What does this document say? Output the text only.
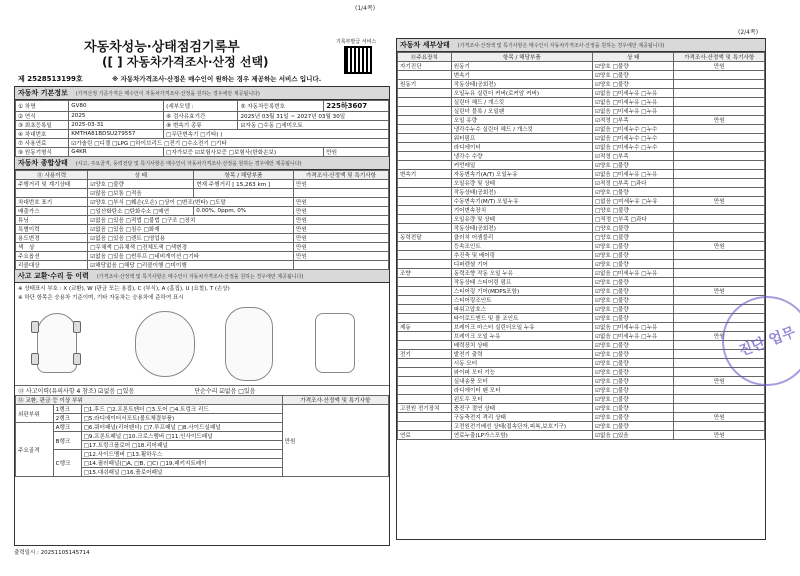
(1/4쪽)
(2/4쪽)
자동차성능·상태점검기록부
([ ] 자동차가격조사·산정 선택)
기록부발급 서비스
제 2528513199호	※ 자동차가격조사·산정은 매수인이 원하는 경우 제공하는 서비스 입니다.
자동차 기본정보 (가격산정 기준가격은 매수인이 자동차가격조사·산정을 원하는 경우에만 제공됩니다)
① 차명	GV80	(세부모델 :	⑤ 자동차등록번호	225하3607
② 연식	2025	⑥ 검사유효기간	2025년 03월 31일 ~ 2027년 03월 30일	
③ 최초등록일	2025-03-31	⑧ 변속기 종류	☑자동 □수동 □세미오토	
④ 차대번호	KMTHA81BDSU279557	□무단변속기 □기타( )		
⑦ 사용연료	☑가솔린 □디젤 □LPG □하이브리드 □전기 □수소전기 □기타			
⑨ 원동기형식	G4KR	□자가보증 ☑보험사보증 □보험사(한화손보)		만원
자동차 종합상태 (사고, 주요골격, 동력전달 및 특기사항은 매수인이 자동차가격조사·산정을 원하는 경우에만 제공됩니다)
⑪ 사용이력	상 태	항목 / 해당부품	가격조사·산정액 및 특기사항
주행거리 및 계기상태	☑양호 □불량	현재 주행거리 [ 15,263 km ]	만원
	☑많음 □보통 □적음		
차대번호 표기	☑양호 □부식 □훼손(오손) □상이 □변조(변타) □도말		만원
배출가스	□일산화탄소 □탄화수소 □매연	0.00%, 0ppm, 0%	만원
튜닝	☑없음 □있음 □적법 □불법 □구조 □장치		만원
특별이력	☑없음 □있음 □침수 □화재		만원
용도변경	☑없음 □있음 □렌트 □영업용		만원
색　상	□무채색 □유채색 □전체도색 □색변경		만원
주요옵션	☑없음 □있음 □썬루프 □네비게이션 □기타		만원
리콜대상	☑해당없음 □해당 □리콜이행 □미이행		
사고 교환·수리 등 이력 (가격조사·산정액 및 특기사항은 매수인이 자동차가격조사·산정을 원하는 경우에만 제공됩니다)
※ 상태표시 부호 : X (교환), W (판금 또는 용접), C (부식), A (흠집), U (요철), T (손상)
※ 하단 항목은 승용차 기준이며, 기타 자동차는 승용차에 준하여 표시
⑬ 사고이력(유의사항 4 참조) ☑없음 □있음	단순수리 ☑없음 □있음
⑭ 교환, 판금 등 이상 부위			가격조사·산정액 및 특기사항
외판부위	1랭크	□1.후드 □2.프론트펜더 □3.도어 □4.트렁크 리드	만원
	2랭크	□5.라디에이터서포트(볼트체결부품)	
주요골격	A랭크	□6.쿼터패널(리어펜더) □7.루프패널 □8.사이드실패널	
	B랭크	□9.프론트패널 □10.크로스멤버 □11.인사이드패널	
		□17.트렁크플로어 □18.리어패널	
	C랭크	□12.사이드멤버 □13.휠하우스	
		□14.필러패널(□A, □B, □C) □19.패키지트레이	
		□15.대쉬패널 □16.플로어패널	
출력일시 : 20251105145714
자동차 세부상태 (가격조사·산정액 및 특기사항은 매수인이 자동차가격조사·산정을 원하는 경우에만 제공됩니다)
⑮주요장치	항목 / 해당부품	상 태	가격조사·산정액 및 특기사항
자기진단	원동기	☑양호 □불량	만원
	변속기	☑양호 □불량	
원동기	작동상태(공회전)	☑양호 □불량	
	오일누유 실린더 커버(로커암 커버)	☑없음 □미세누유 □누유	
	실린더 헤드 / 개스킷	☑없음 □미세누유 □누유	
	실린더 블록 / 오일팬	☑없음 □미세누유 □누유	
	오일 유량	☑적정 □부족	만원
	냉각수누수 실린더 헤드 / 개스킷	☑없음 □미세누수 □누수	
	워터펌프	☑없음 □미세누수 □누수	
	라디에이터	☑없음 □미세누수 □누수	
	냉각수 수량	☑적정 □부족	
	커먼레일	☑양호 □불량	
변속기	자동변속기(A/T) 오일누유	☑없음 □미세누유 □누유	
	오일유량 및 상태	☑적정 □부족 □과다	
	작동상태(공회전)	☑양호 □불량	
	수동변속기(M/T) 오일누유	□없음 □미세누유 □누유	만원
	기어변속장치	□양호 □불량	
	오일유량 및 상태	□적정 □부족 □과다	
	작동상태(공회전)	□양호 □불량	
동력전달	클러치 어셈블리	□양호 □불량	
	등속조인트	☑양호 □불량	만원
	추진축 및 베어링	☑양호 □불량	
	디퍼렌셜 기어	☑양호 □불량	
조향	동력조향 작동 오일 누유	☑없음 □미세누유 □누유	
	작동상태 스티어링 펌프	☑양호 □불량	
	스티어링 기어(MDPS포함)	☑양호 □불량	만원
	스티어링조인트	☑양호 □불량	
	파워고압호스	☑양호 □불량	
	타이로드엔드 및 볼 조인트	☑양호 □불량	
제동	브레이크 마스터 실린더오일 누유	☑없음 □미세누유 □누유	
	브레이크 오일 누유	☑없음 □미세누유 □누유	만원
	배력장치 상태	☑양호 □불량	
전기	발전기 출력	☑양호 □불량	
	시동 모터	☑양호 □불량	
	와이퍼 모터 기능	☑양호 □불량	
	실내송풍 모터	☑양호 □불량	만원
	라디에이터 팬 모터	☑양호 □불량	
	윈도우 모터	☑양호 □불량	
고전원 전기장치	충전구 절연 상태	☑양호 □불량	
	구동축전지 격리 상태	☑양호 □불량	만원
	고전원전기배선 상태(접속단자,피복,보호기구)	☑양호 □불량	
연료	연료누출(LP가스포함)	☑없음 □있음	만원
진단 업무
